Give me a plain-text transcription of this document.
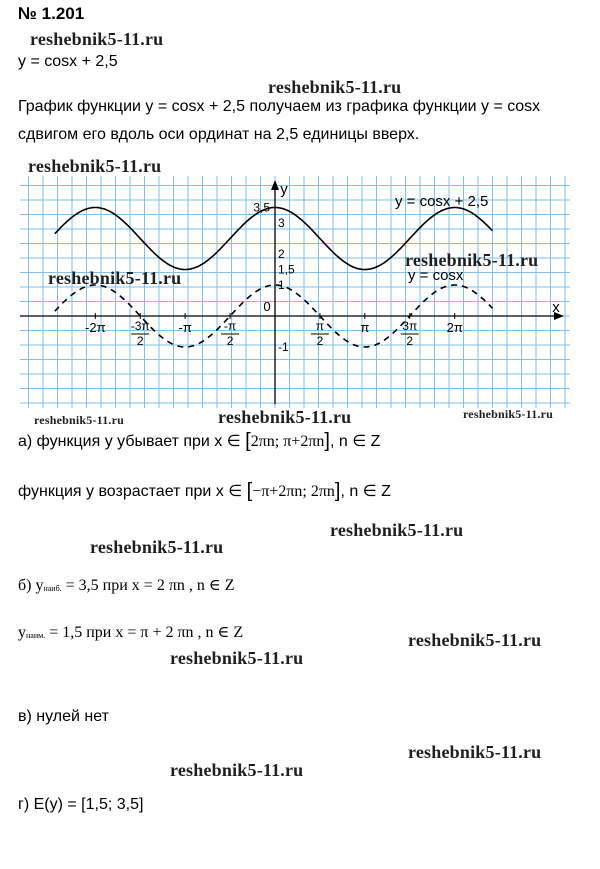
№ 1.201
reshebnik5-11.ru
y = cosx + 2,5
reshebnik5-11.ru
График функции y = cosx + 2,5 получаем из графика функции y = cosx
сдвигом его вдоль оси ординат на 2,5 единицы вверх.
-2π -3π
2
-π	-π
2
0
π
2
π	3π
2
2π
3,5
3
2
1,5
1
-1
x
y
y = cosx + 2,5
y = cosx
reshebnik5-11.ru
reshebnik5-11.ru
reshebnik5-11.ru
reshebnik5-11.ru	reshebnik5-11.ru	reshebnik5-11.ru
а) функция y убывает при x ∈ [2πn; π+2πn], n ∈ Z
функция y возрастает при x ∈ [−π+2πn; 2πn], n ∈ Z
reshebnik5-11.ru
reshebnik5-11.ru
б) yнаиб. = 3,5 при x = 2 πn , n ∈ Z
yнаим. = 1,5 при x = π + 2 πn , n ∈ Z	reshebnik5-11.ru
reshebnik5-11.ru
в) нулей нет
reshebnik5-11.ru
reshebnik5-11.ru
г) E(y) = [1,5; 3,5]
